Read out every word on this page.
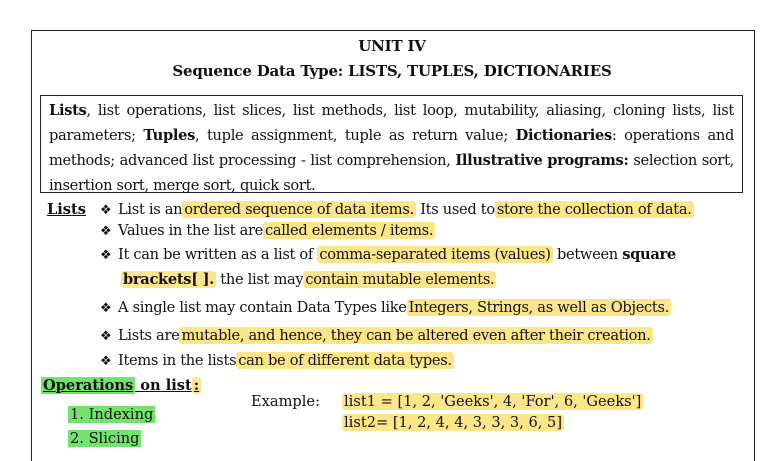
UNIT IV
Sequence Data Type: LISTS, TUPLES, DICTIONARIES
Lists, list operations, list slices, list methods, list loop, mutability, aliasing, cloning lists, list parameters; Tuples, tuple assignment, tuple as return value; Dictionaries: operations and methods; advanced list processing - list comprehension, Illustrative programs: selection sort, insertion sort, merge sort, quick sort.
Lists ❖ List is an ordered sequence of data items. Its used to store the collection of data.
❖ Values in the list are called elements / items.
❖ It can be written as a list of comma-separated items (values) between square
brackets[ ]. the list may contain mutable elements.
❖ A single list may contain Data Types like Integers, Strings, as well as Objects.
❖ Lists are mutable, and hence, they can be altered even after their creation.
❖ Items in the lists can be of different data types.
Operations on list :
1. Indexing
2. Slicing
Example: list1 = [1, 2, 'Geeks', 4, 'For', 6, 'Geeks']
list2= [1, 2, 4, 4, 3, 3, 3, 6, 5]
